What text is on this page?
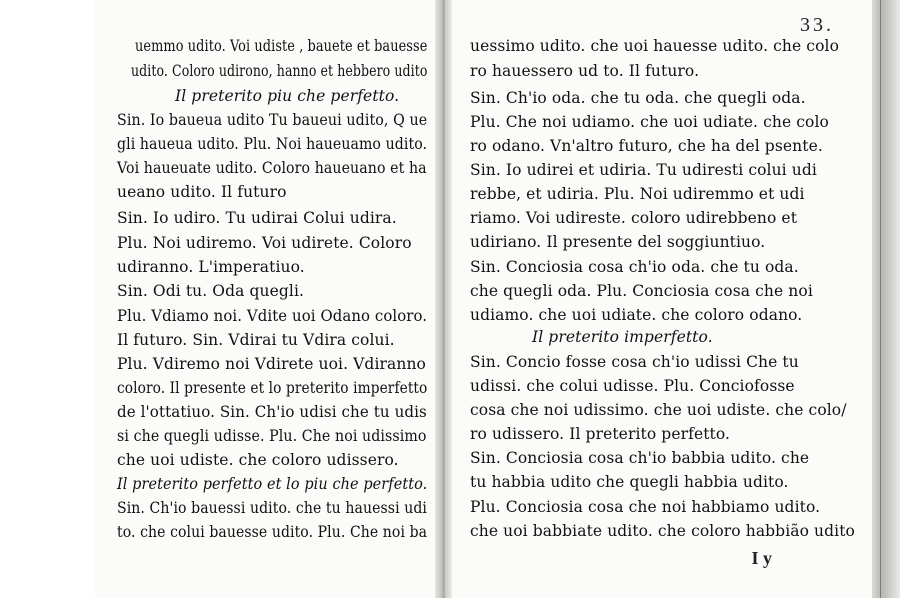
uemmo udito. Voi udiste , bauete et bauesse
udito. Coloro udirono, hanno et hebbero udito
Il preterito piu che perfetto.
Sin. Io baueua udito Tu baueui udito, Q ue
gli haueua udito. Plu. Noi haueuamo udito.
Voi haueuate udito. Coloro haueuano et ha
ueano udito. Il futuro
Sin. Io udiro. Tu udirai Colui udira.
Plu. Noi udiremo. Voi udirete. Coloro
udiranno. L'imperatiuo.
Sin. Odi tu. Oda quegli.
Plu. Vdiamo noi. Vdite uoi Odano coloro.
Il futuro. Sin. Vdirai tu Vdira colui.
Plu. Vdiremo noi Vdirete uoi. Vdiranno
coloro. Il presente et lo preterito imperfetto
de l'ottatiuo. Sin. Ch'io udisi che tu udis
si che quegli udisse. Plu. Che noi udissimo
che uoi udiste. che coloro udissero.
Il preterito perfetto et lo piu che perfetto.
Sin. Ch'io bauessi udito. che tu hauessi udi
to. che colui bauesse udito. Plu. Che noi ba
33.
uessimo udito. che uoi hauesse udito. che colo
ro hauessero ud to. Il futuro.
Sin. Ch'io oda. che tu oda. che quegli oda.
Plu. Che noi udiamo. che uoi udiate. che colo
ro odano. Vn'altro futuro, che ha del psente.
Sin. Io udirei et udiria. Tu udiresti colui udi
rebbe, et udiria. Plu. Noi udiremmo et udi
riamo. Voi udireste. coloro udirebbeno et
udiriano. Il presente del soggiuntiuo.
Sin. Conciosia cosa ch'io oda. che tu oda.
che quegli oda. Plu. Conciosia cosa che noi
udiamo. che uoi udiate. che coloro odano.
Il preterito imperfetto.
Sin. Concio fosse cosa ch'io udissi Che tu
udissi. che colui udisse. Plu. Conciofosse
cosa che noi udissimo. che uoi udiste. che colo/
ro udissero. Il preterito perfetto.
Sin. Conciosia cosa ch'io babbia udito. che
tu habbia udito che quegli habbia udito.
Plu. Conciosia cosa che noi habbiamo udito.
che uoi babbiate udito. che coloro habbião udito
I y
